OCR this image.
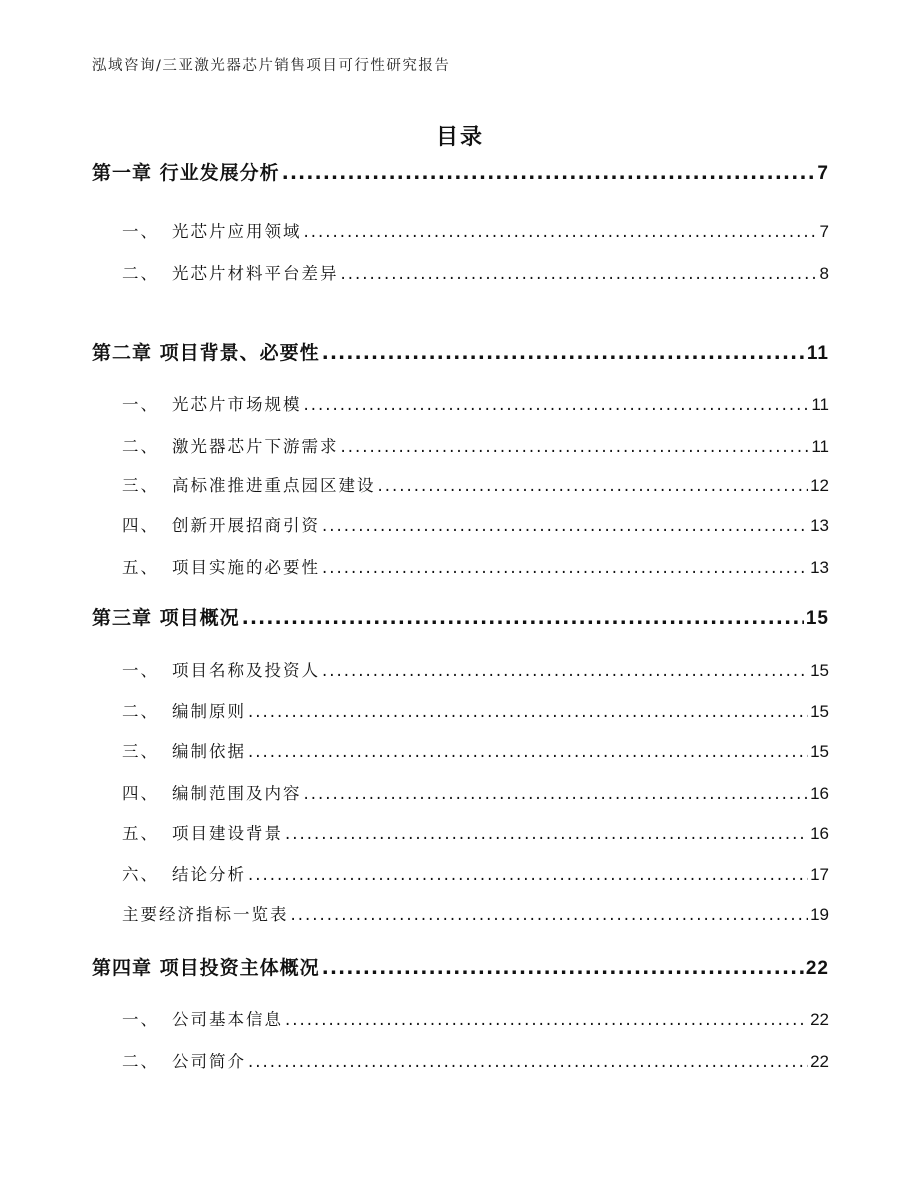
泓域咨询/三亚激光器芯片销售项目可行性研究报告
目录
第一章 行业发展分析 .....	7
一、 光芯片应用领域 .....	7
二、 光芯片材料平台差异 .....	8
第二章 项目背景、必要性 .....	11
一、 光芯片市场规模 .....	11
二、 激光器芯片下游需求 .....	11
三、 高标准推进重点园区建设 .....	12
四、 创新开展招商引资 .....	13
五、 项目实施的必要性 .....	13
第三章 项目概况 .....	15
一、 项目名称及投资人 .....	15
二、 编制原则 .....	15
三、 编制依据 .....	15
四、 编制范围及内容 .....	16
五、 项目建设背景 .....	16
六、 结论分析 .....	17
主要经济指标一览表 .....	19
第四章 项目投资主体概况 .....	22
一、 公司基本信息 .....	22
二、 公司简介 .....	22
